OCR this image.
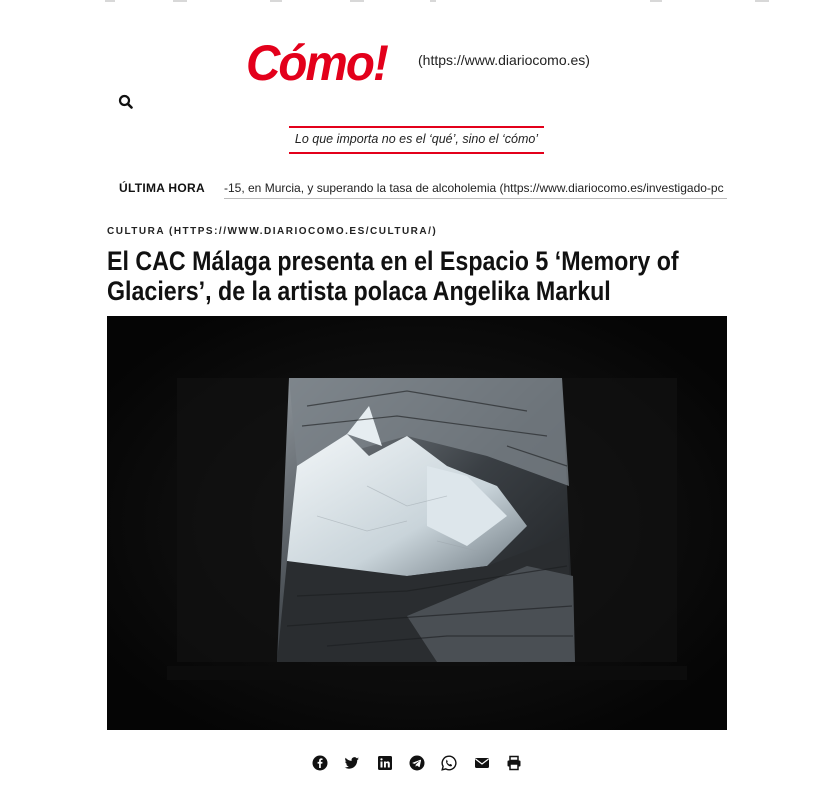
Cómo! (https://www.diariocomo.es)
Lo que importa no es el ‘qué’, sino el ‘cómo’
ÚLTIMA HORA -15, en Murcia, y superando la tasa de alcoholemia (https://www.diariocomo.es/investigado-pc
CULTURA (HTTPS://WWW.DIARIOCOMO.ES/CULTURA/)
El CAC Málaga presenta en el Espacio 5 ‘Memory of Glaciers’, de la artista polaca Angelika Markul
